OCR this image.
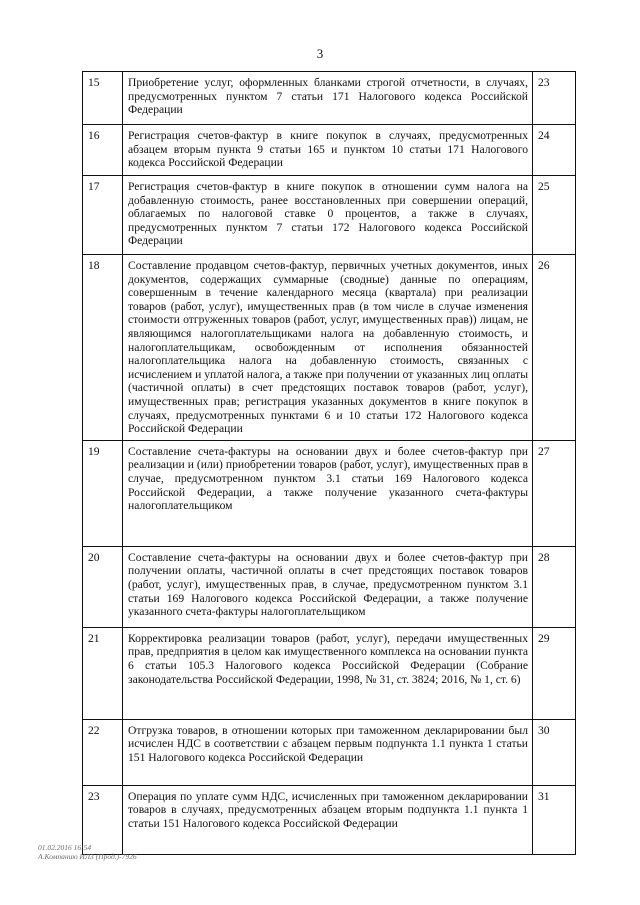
3
15	Приобретение услуг, оформленных бланками строгой отчетности, в случаях, предусмотренных пунктом 7 статьи 171 Налогового кодекса Российской Федерации	23
16	Регистрация счетов-фактур в книге покупок в случаях, предусмотренных абзацем вторым пункта 9 статьи 165 и пунктом 10 статьи 171 Налогового кодекса Российской Федерации	24
17	Регистрация счетов-фактур в книге покупок в отношении сумм налога на добавленную стоимость, ранее восстановленных при совершении операций, облагаемых по налоговой ставке 0 процентов, а также в случаях, предусмотренных пунктом 7 статьи 172 Налогового кодекса Российской Федерации	25
18	Составление продавцом счетов-фактур, первичных учетных документов, иных документов, содержащих суммарные (сводные) данные по операциям, совершенным в течение календарного месяца (квартала) при реализации товаров (работ, услуг), имущественных прав (в том числе в случае изменения стоимости отгруженных товаров (работ, услуг, имущественных прав)) лицам, не являющимся налогоплательщиками налога на добавленную стоимость, и налогоплательщикам, освобожденным от исполнения обязанностей налогоплательщика налога на добавленную стоимость, связанных с исчислением и уплатой налога, а также при получении от указанных лиц оплаты (частичной оплаты) в счет предстоящих поставок товаров (работ, услуг), имущественных прав; регистрация указанных документов в книге покупок в случаях, предусмотренных пунктами 6 и 10 статьи 172 Налогового кодекса Российской Федерации	26
19	Составление счета-фактуры на основании двух и более счетов-фактур при реализации и (или) приобретении товаров (работ, услуг), имущественных прав в случае, предусмотренном пунктом 3.1 статьи 169 Налогового кодекса Российской Федерации, а также получение указанного счета-фактуры налогоплательщиком	27
20	Составление счета-фактуры на основании двух и более счетов-фактур при получении оплаты, частичной оплаты в счет предстоящих поставок товаров (работ, услуг), имущественных прав, в случае, предусмотренном пунктом 3.1 статьи 169 Налогового кодекса Российской Федерации, а также получение указанного счета-фактуры налогоплательщиком	28
21	Корректировка реализации товаров (работ, услуг), передачи имущественных прав, предприятия в целом как имущественного комплекса на основании пункта 6 статьи 105.3 Налогового кодекса Российской Федерации (Собрание законодательства Российской Федерации, 1998, № 31, ст. 3824; 2016, № 1, ст. 6)	29
22	Отгрузка товаров, в отношении которых при таможенном декларировании был исчислен НДС в соответствии с абзацем первым подпункта 1.1 пункта 1 статьи 151 Налогового кодекса Российской Федерации	30
23	Операция по уплате сумм НДС, исчисленных при таможенном декларировании товаров в случаях, предусмотренных абзацем вторым подпункта 1.1 пункта 1 статьи 151 Налогового кодекса Российской Федерации	31
01.02.2016 16:54
А.Компанию ИЛ3 (Прод.)-7926
